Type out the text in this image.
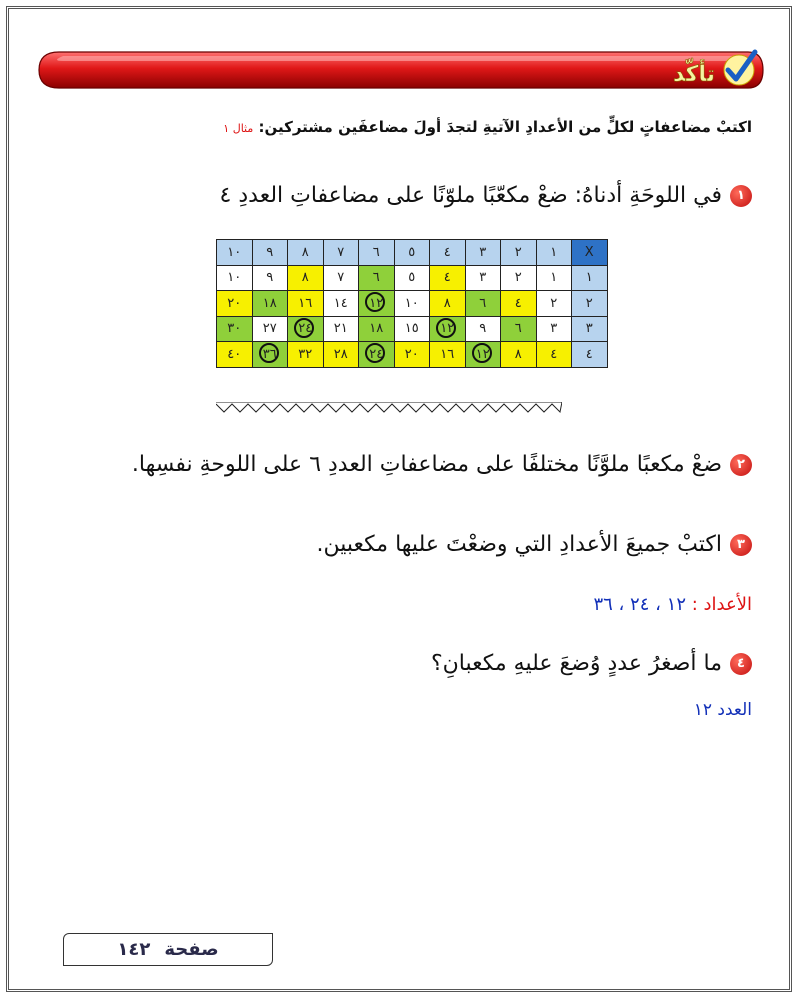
تأكّد
اكتبْ مضاعفاتٍ لكلٍّ من الأعدادِ الآتيةِ لتجدَ أولَ مضاعفَين مشتركين: مثال ١
١
في اللوحَةِ أدناهُ: ضعْ مكعّبًا ملوّنًا على مضاعفاتِ العددِ ٤
X	١	٢	٣	٤	٥	٦	٧	٨	٩	١٠
١	١	٢	٣	٤	٥	٦	٧	٨	٩	١٠
٢	٢	٤	٦	٨	١٠	١٢	١٤	١٦	١٨	٢٠
٣	٣	٦	٩	١٢	١٥	١٨	٢١	٢٤	٢٧	٣٠
٤	٤	٨	١٢	١٦	٢٠	٢٤	٢٨	٣٢	٣٦	٤٠
٢
ضعْ مكعبًا ملوَّنًا مختلفًا على مضاعفاتِ العددِ ٦ على اللوحةِ نفسِها.
٣
اكتبْ جميعَ الأعدادِ التي وضعْتَ عليها مكعبين.
الأعداد : ١٢ ، ٢٤ ، ٣٦
٤
ما أصغرُ عددٍ وُضعَ عليهِ مكعبانِ؟
العدد ١٢
صفحة
١٤٢
